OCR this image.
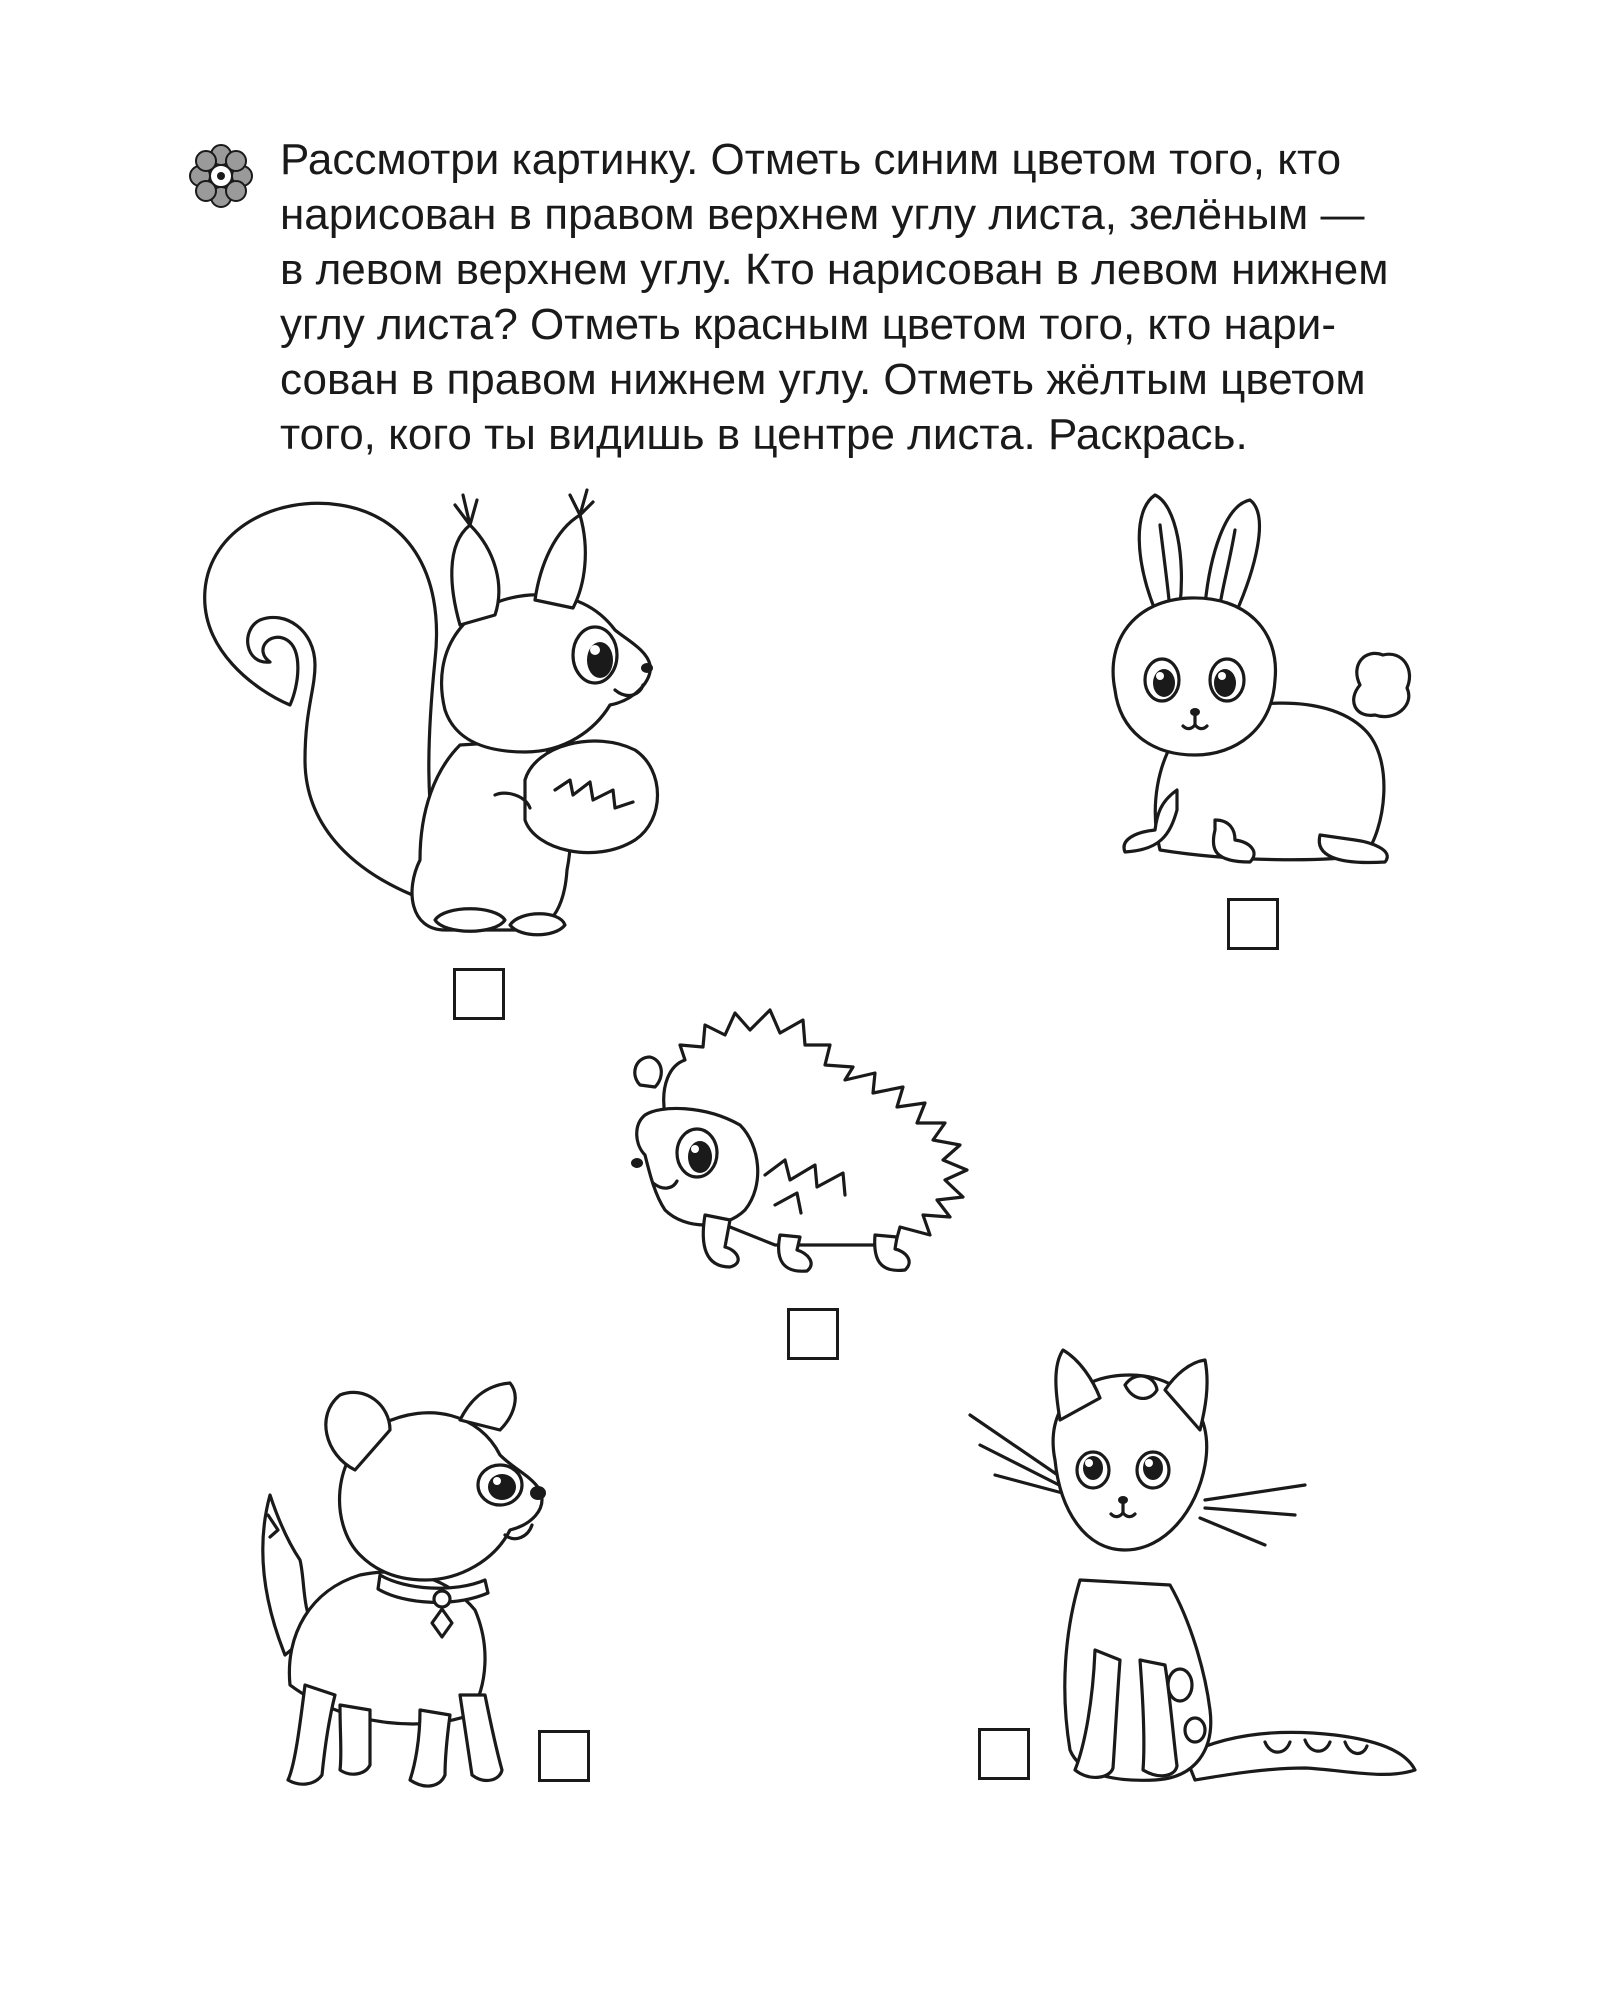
Рассмотри картинку. Отметь синим цветом того, кто
нарисован в правом верхнем углу листа, зелёным —
в левом верхнем углу. Кто нарисован в левом нижнем
углу листа? Отметь красным цветом того, кто нари-
сован в правом нижнем углу. Отметь жёлтым цветом
того, кого ты видишь в центре листа. Раскрась.
